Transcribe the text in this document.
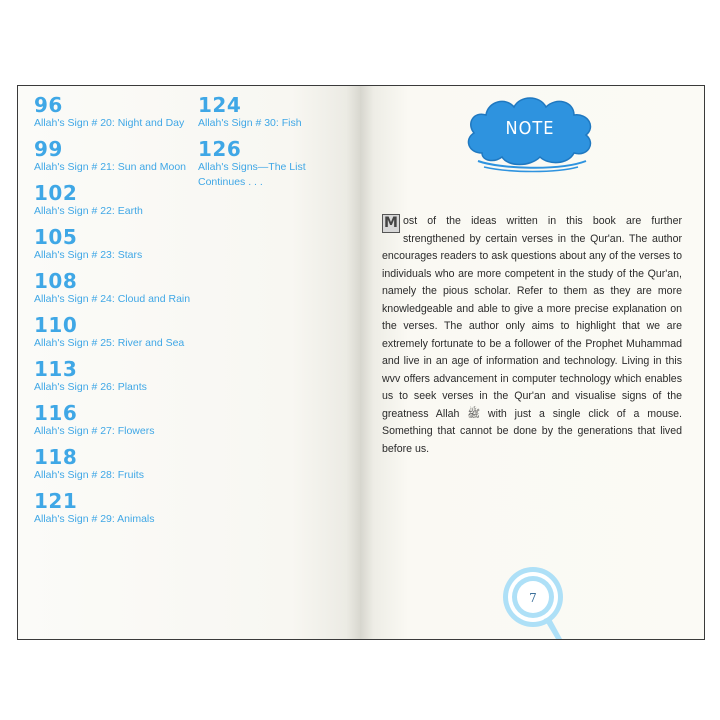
96
Allah's Sign # 20: Night and Day
99
Allah's Sign # 21: Sun and Moon
102
Allah's Sign # 22: Earth
105
Allah's Sign # 23: Stars
108
Allah's Sign # 24: Cloud and Rain
110
Allah's Sign # 25: River and Sea
113
Allah's Sign # 26: Plants
116
Allah's Sign # 27: Flowers
118
Allah's Sign # 28: Fruits
121
Allah's Sign # 29: Animals
124
Allah's Sign # 30: Fish
126
Allah's Signs—The List Continues . . .
NOTE
M ost of the ideas written in this book are further strengthened by certain verses in the Qur'an. The author encourages readers to ask questions about any of the verses to individuals who are more competent in the study of the Qur'an, namely the pious scholar. Refer to them as they are more knowledgeable and able to give a more precise explanation on the verses. The author only aims to highlight that we are extremely fortunate to be a follower of the Prophet Muhammad and live in an age of information and technology. Living in this wvv offers advancement in computer technology which enables us to seek verses in the Qur'an and visualise signs of the greatness Allah ﷺ with just a single click of a mouse. Something that cannot be done by the generations that lived before us.
7
